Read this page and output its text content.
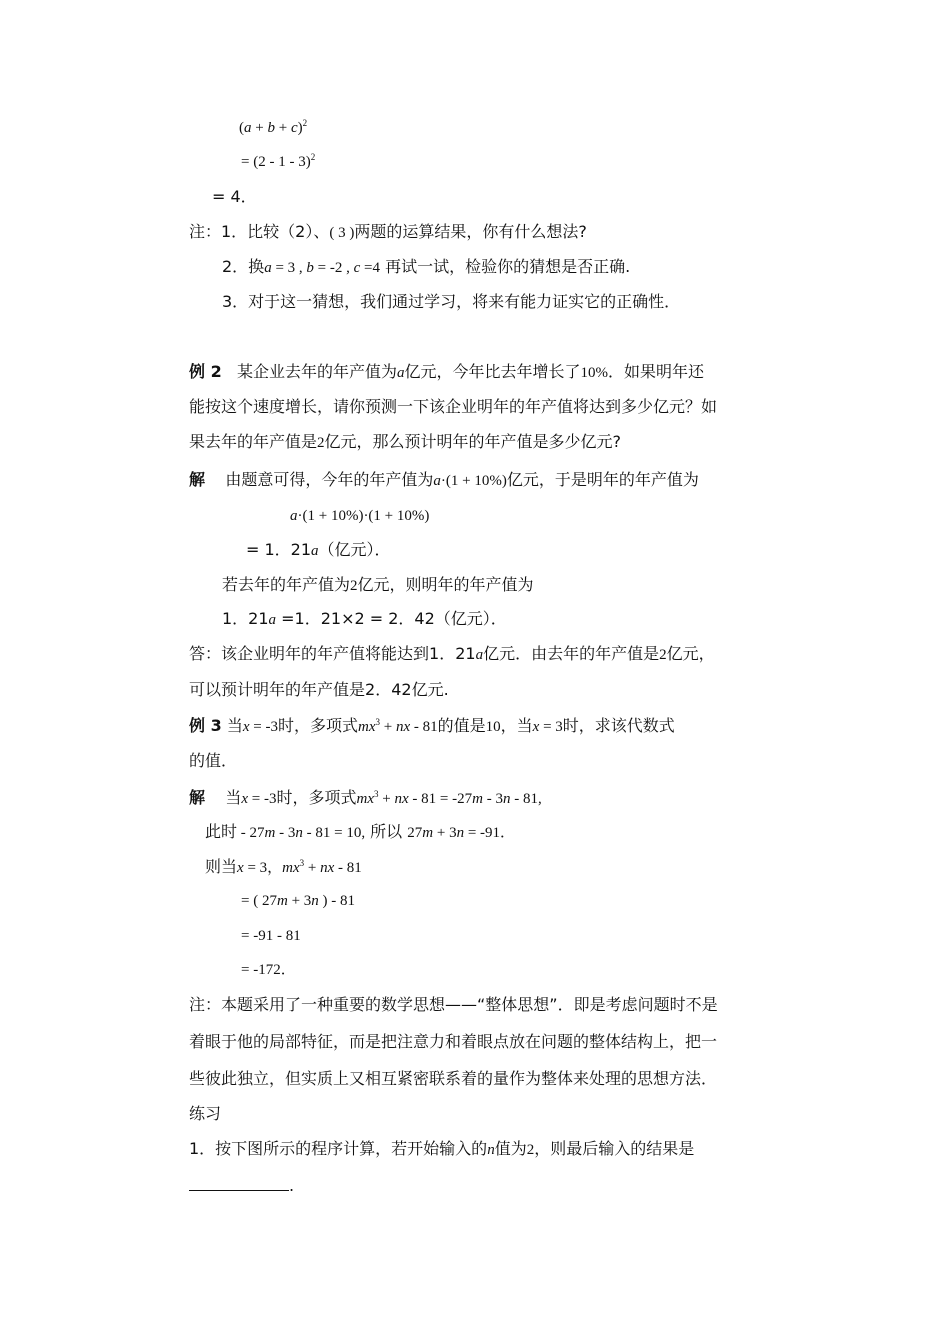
$(a + b + c)^2$
= (2 - 1 - 3)$^2$
= 4．
注：1．比较（2）、( 3 )两题的运算结果，你有什么想法?
2．换a = 3 , b = -2 , c =4 再试一试，检验你的猜想是否正确.
3．对于这一猜想，我们通过学习，将来有能力证实它的正确性．
例 2 某企业去年的年产值为a亿元，今年比去年增长了10%．如果明年还
能按这个速度增长，请你预测一下该企业明年的年产值将达到多少亿元？如
果去年的年产值是2亿元，那么预计明年的年产值是多少亿元?
解 由题意可得，今年的年产值为a·(1 + 10%)亿元，于是明年的年产值为
a·(1 + 10%)·(1 + 10%)
= 1．21a（亿元）．
若去年的年产值为2亿元，则明年的年产值为
1．21a =1．21×2 = 2．42（亿元）．
答：该企业明年的年产值将能达到1．21a亿元．由去年的年产值是2亿元，
可以预计明年的年产值是2．42亿元.
例 3 当x = -3时，多项式$mx^3$ + nx - 81的值是10，当x = 3时，求该代数式
的值．
解 当x = -3时，多项式$mx^3$ + nx - 81 = -27m - 3n - 81,
此时 - 27m - 3n - 81 = 10, 所以 27m + 3n = -91．
则当x = 3，$mx^3$ + nx - 81
= ( 27m + 3n ) - 81
= -91 - 81
= -172．
注：本题采用了一种重要的数学思想——“整体思想”．即是考虑问题时不是
着眼于他的局部特征，而是把注意力和着眼点放在问题的整体结构上，把一
些彼此独立，但实质上又相互紧密联系着的量作为整体来处理的思想方法．
练习
1．按下图所示的程序计算，若开始输入的n值为2，则最后输入的结果是
.
